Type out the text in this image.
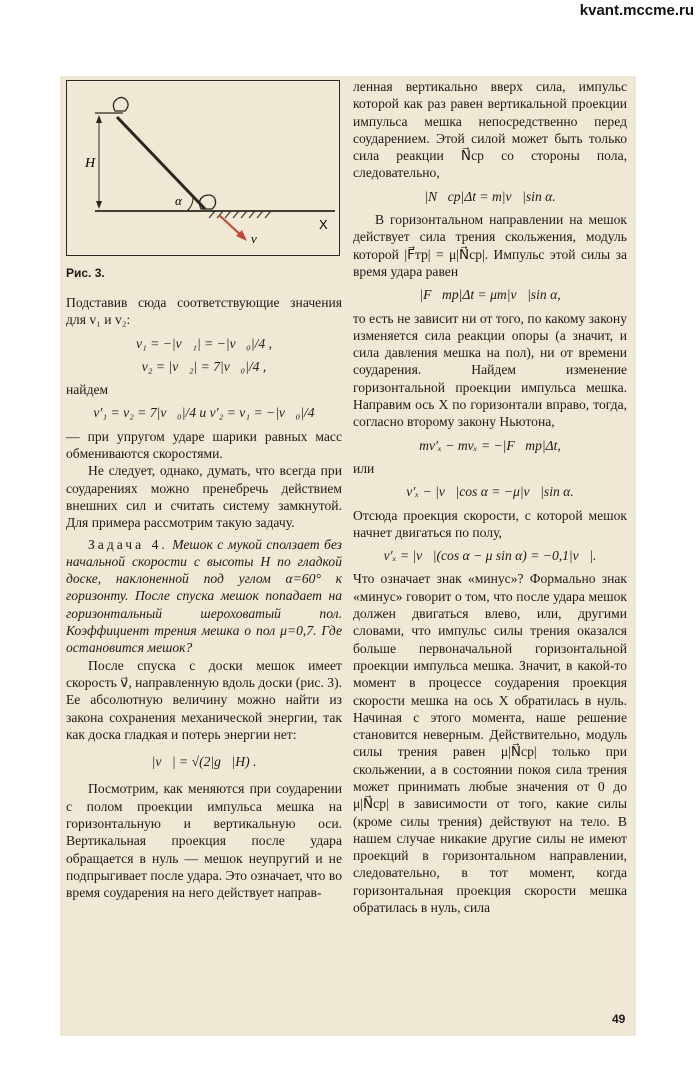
kvant.mccme.ru
H
α
X
v⃗
Рис. 3.

Подставив сюда соответствующие значения для v₁ и v₂:

v₁ = −|v⃗₁| = −|v⃗₀|/4 ,

v₂ = |v⃗₂| = 7|v⃗₀|/4 ,

найдем

v′₁ = v₂ = 7|v⃗₀|/4 и v′₂ = v₁ = −|v⃗₀|/4

— при упругом ударе шарики равных масс обмениваются скоростями.

Не следует, однако, думать, что всегда при соударениях можно пренебречь действием внешних сил и считать систему замкнутой. Для примера рассмотрим такую задачу.

Задача 4. Мешок с мукой сползает без начальной скорости с высоты H по гладкой доске, наклоненной под углом α=60° к горизонту. После спуска мешок попадает на горизонтальный шероховатый пол. Коэффициент трения мешка о пол μ=0,7. Где остановится мешок?

После спуска с доски мешок имеет скорость v⃗, направленную вдоль доски (рис. 3). Ее абсолютную величину можно найти из закона сохранения механической энергии, так как доска гладкая и потерь энергии нет:

|v⃗| = √(2|g⃗|H) .

Посмотрим, как меняются при соударении с полом проекции импульса мешка на горизонтальную и вертикальную оси. Вертикальная проекция после удара обращается в нуль — мешок неупругий и не подпрыгивает после удара. Это означает, что во время соударения на него действует направ-

ленная вертикально вверх сила, импульс которой как раз равен вертикальной проекции импульса мешка непосредственно перед соударением. Этой силой может быть только сила реакции N⃗ср со стороны пола, следовательно,

|N⃗ср|Δt = m|v⃗|sin α.

В горизонтальном направлении на мешок действует сила трения скольжения, модуль которой |F⃗тр| = μ|N⃗ср|. Импульс этой силы за время удара равен

|F⃗тр|Δt = μm|v⃗|sin α,

то есть не зависит ни от того, по какому закону изменяется сила реакции опоры (а значит, и сила давления мешка на пол), ни от времени соударения. Найдем изменение горизонтальной проекции импульса мешка. Направим ось X по горизонтали вправо, тогда, согласно второму закону Ньютона,

mv′ₓ − mvₓ = −|F⃗тр|Δt,

или

v′ₓ − |v⃗|cos α = −μ|v⃗|sin α.

Отсюда проекция скорости, с которой мешок начнет двигаться по полу,

v′ₓ = |v⃗|(cos α − μ sin α) = −0,1|v⃗|.

Что означает знак «минус»? Формально знак «минус» говорит о том, что после удара мешок должен двигаться влево, или, другими словами, что импульс силы трения оказался больше первоначальной горизонтальной проекции импульса мешка. Значит, в какой-то момент в процессе соударения проекция скорости мешка на ось X обратилась в нуль. Начиная с этого момента, наше решение становится неверным. Действительно, модуль силы трения равен μ|N⃗ср| только при скольжении, а в состоянии покоя сила трения может принимать любые значения от 0 до μ|N⃗ср| в зависимости от того, какие силы (кроме силы трения) действуют на тело. В нашем случае никакие другие силы не имеют проекций в горизонтальном направлении, следовательно, в тот момент, когда горизонтальная проекция скорости мешка обратилась в нуль, сила

49
